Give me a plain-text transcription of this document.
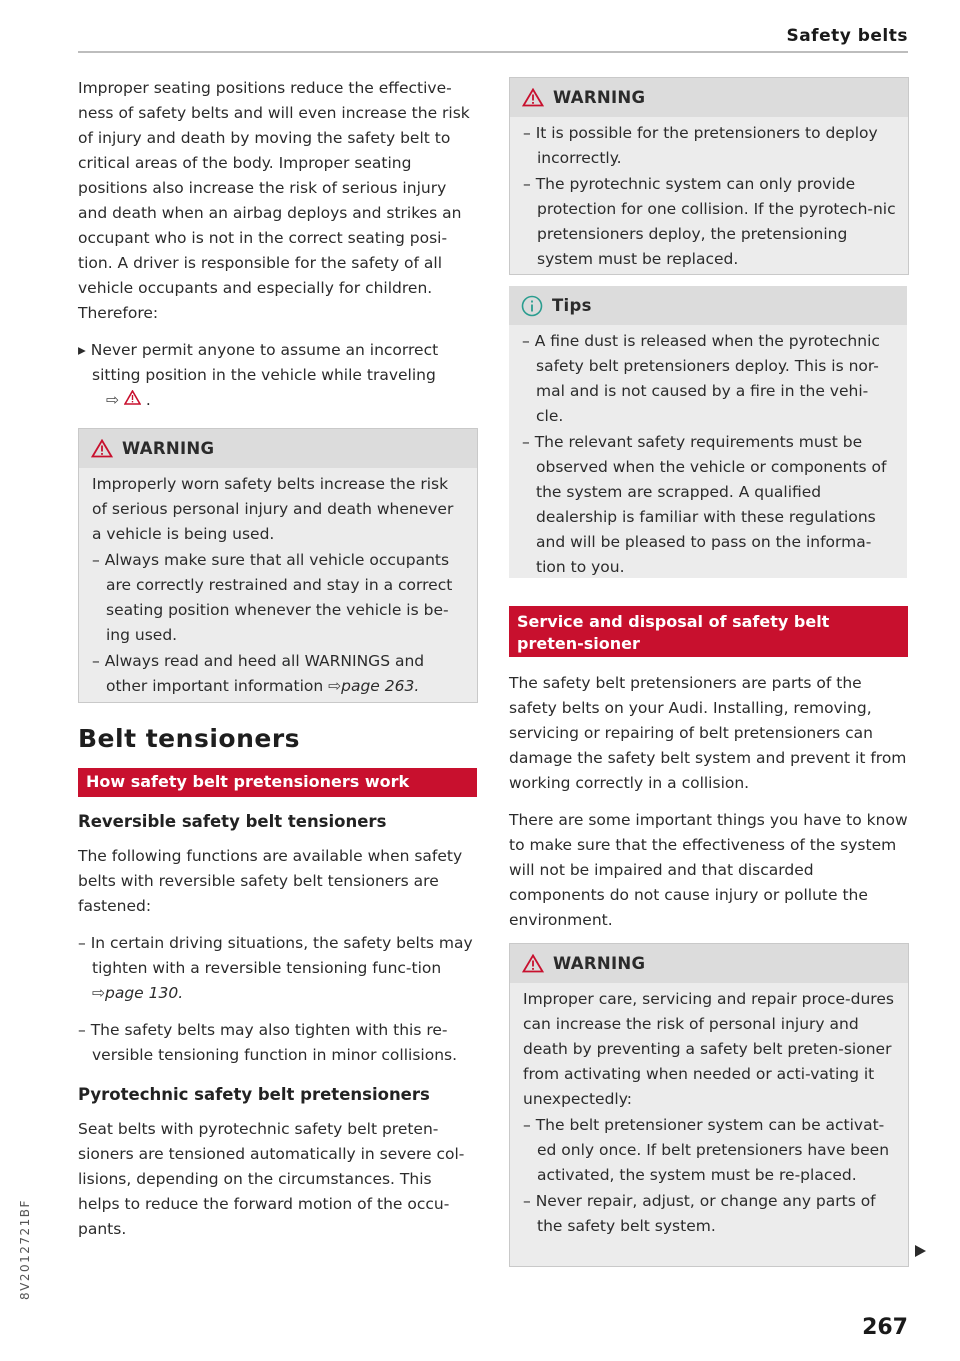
Safety belts

Improper seating positions reduce the effective-ness of safety belts and will even increase the risk of injury and death by moving the safety belt to critical areas of the body. Improper seating positions also increase the risk of serious injury and death when an airbag deploys and strikes an occupant who is not in the correct seating posi-tion. A driver is responsible for the safety of all vehicle occupants and especially for children. Therefore:

▸ Never permit anyone to assume an incorrect sitting position in the vehicle while traveling
⇨ .
WARNING

Improperly worn safety belts increase the risk of serious personal injury and death whenever a vehicle is being used.

– Always make sure that all vehicle occupants are correctly restrained and stay in a correct seating position whenever the vehicle is be-ing used.

– Always read and heed all WARNINGS and other important information ⇨page 263.

Belt tensioners
How safety belt pretensioners work
Reversible safety belt tensioners

The following functions are available when safety belts with reversible safety belt tensioners are fastened:

– In certain driving situations, the safety belts may tighten with a reversible tensioning func-tion ⇨page 130.

– The safety belts may also tighten with this re-versible tensioning function in minor collisions.

Pyrotechnic safety belt pretensioners

Seat belts with pyrotechnic safety belt preten-sioners are tensioned automatically in severe col-lisions, depending on the circumstances. This helps to reduce the forward motion of the occu-pants.

WARNING

– It is possible for the pretensioners to deploy incorrectly.

– The pyrotechnic system can only provide protection for one collision. If the pyrotech-nic pretensioners deploy, the pretensioning system must be replaced.

Tips

– A fine dust is released when the pyrotechnic safety belt pretensioners deploy. This is nor-mal and is not caused by a fire in the vehi-cle.

– The relevant safety requirements must be observed when the vehicle or components of the system are scrapped. A qualified dealership is familiar with these regulations and will be pleased to pass on the informa-tion to you.

Service and disposal of safety belt preten-sioner

The safety belt pretensioners are parts of the safety belts on your Audi. Installing, removing, servicing or repairing of belt pretensioners can damage the safety belt system and prevent it from working correctly in a collision.

There are some important things you have to know to make sure that the effectiveness of the system will not be impaired and that discarded components do not cause injury or pollute the environment.

WARNING

Improper care, servicing and repair proce-dures can increase the risk of personal injury and death by preventing a safety belt preten-sioner from activating when needed or acti-vating it unexpectedly:

– The belt pretensioner system can be activat-ed only once. If belt pretensioners have been activated, the system must be re-placed.

– Never repair, adjust, or change any parts of the safety belt system.

267
8V2012721BF
